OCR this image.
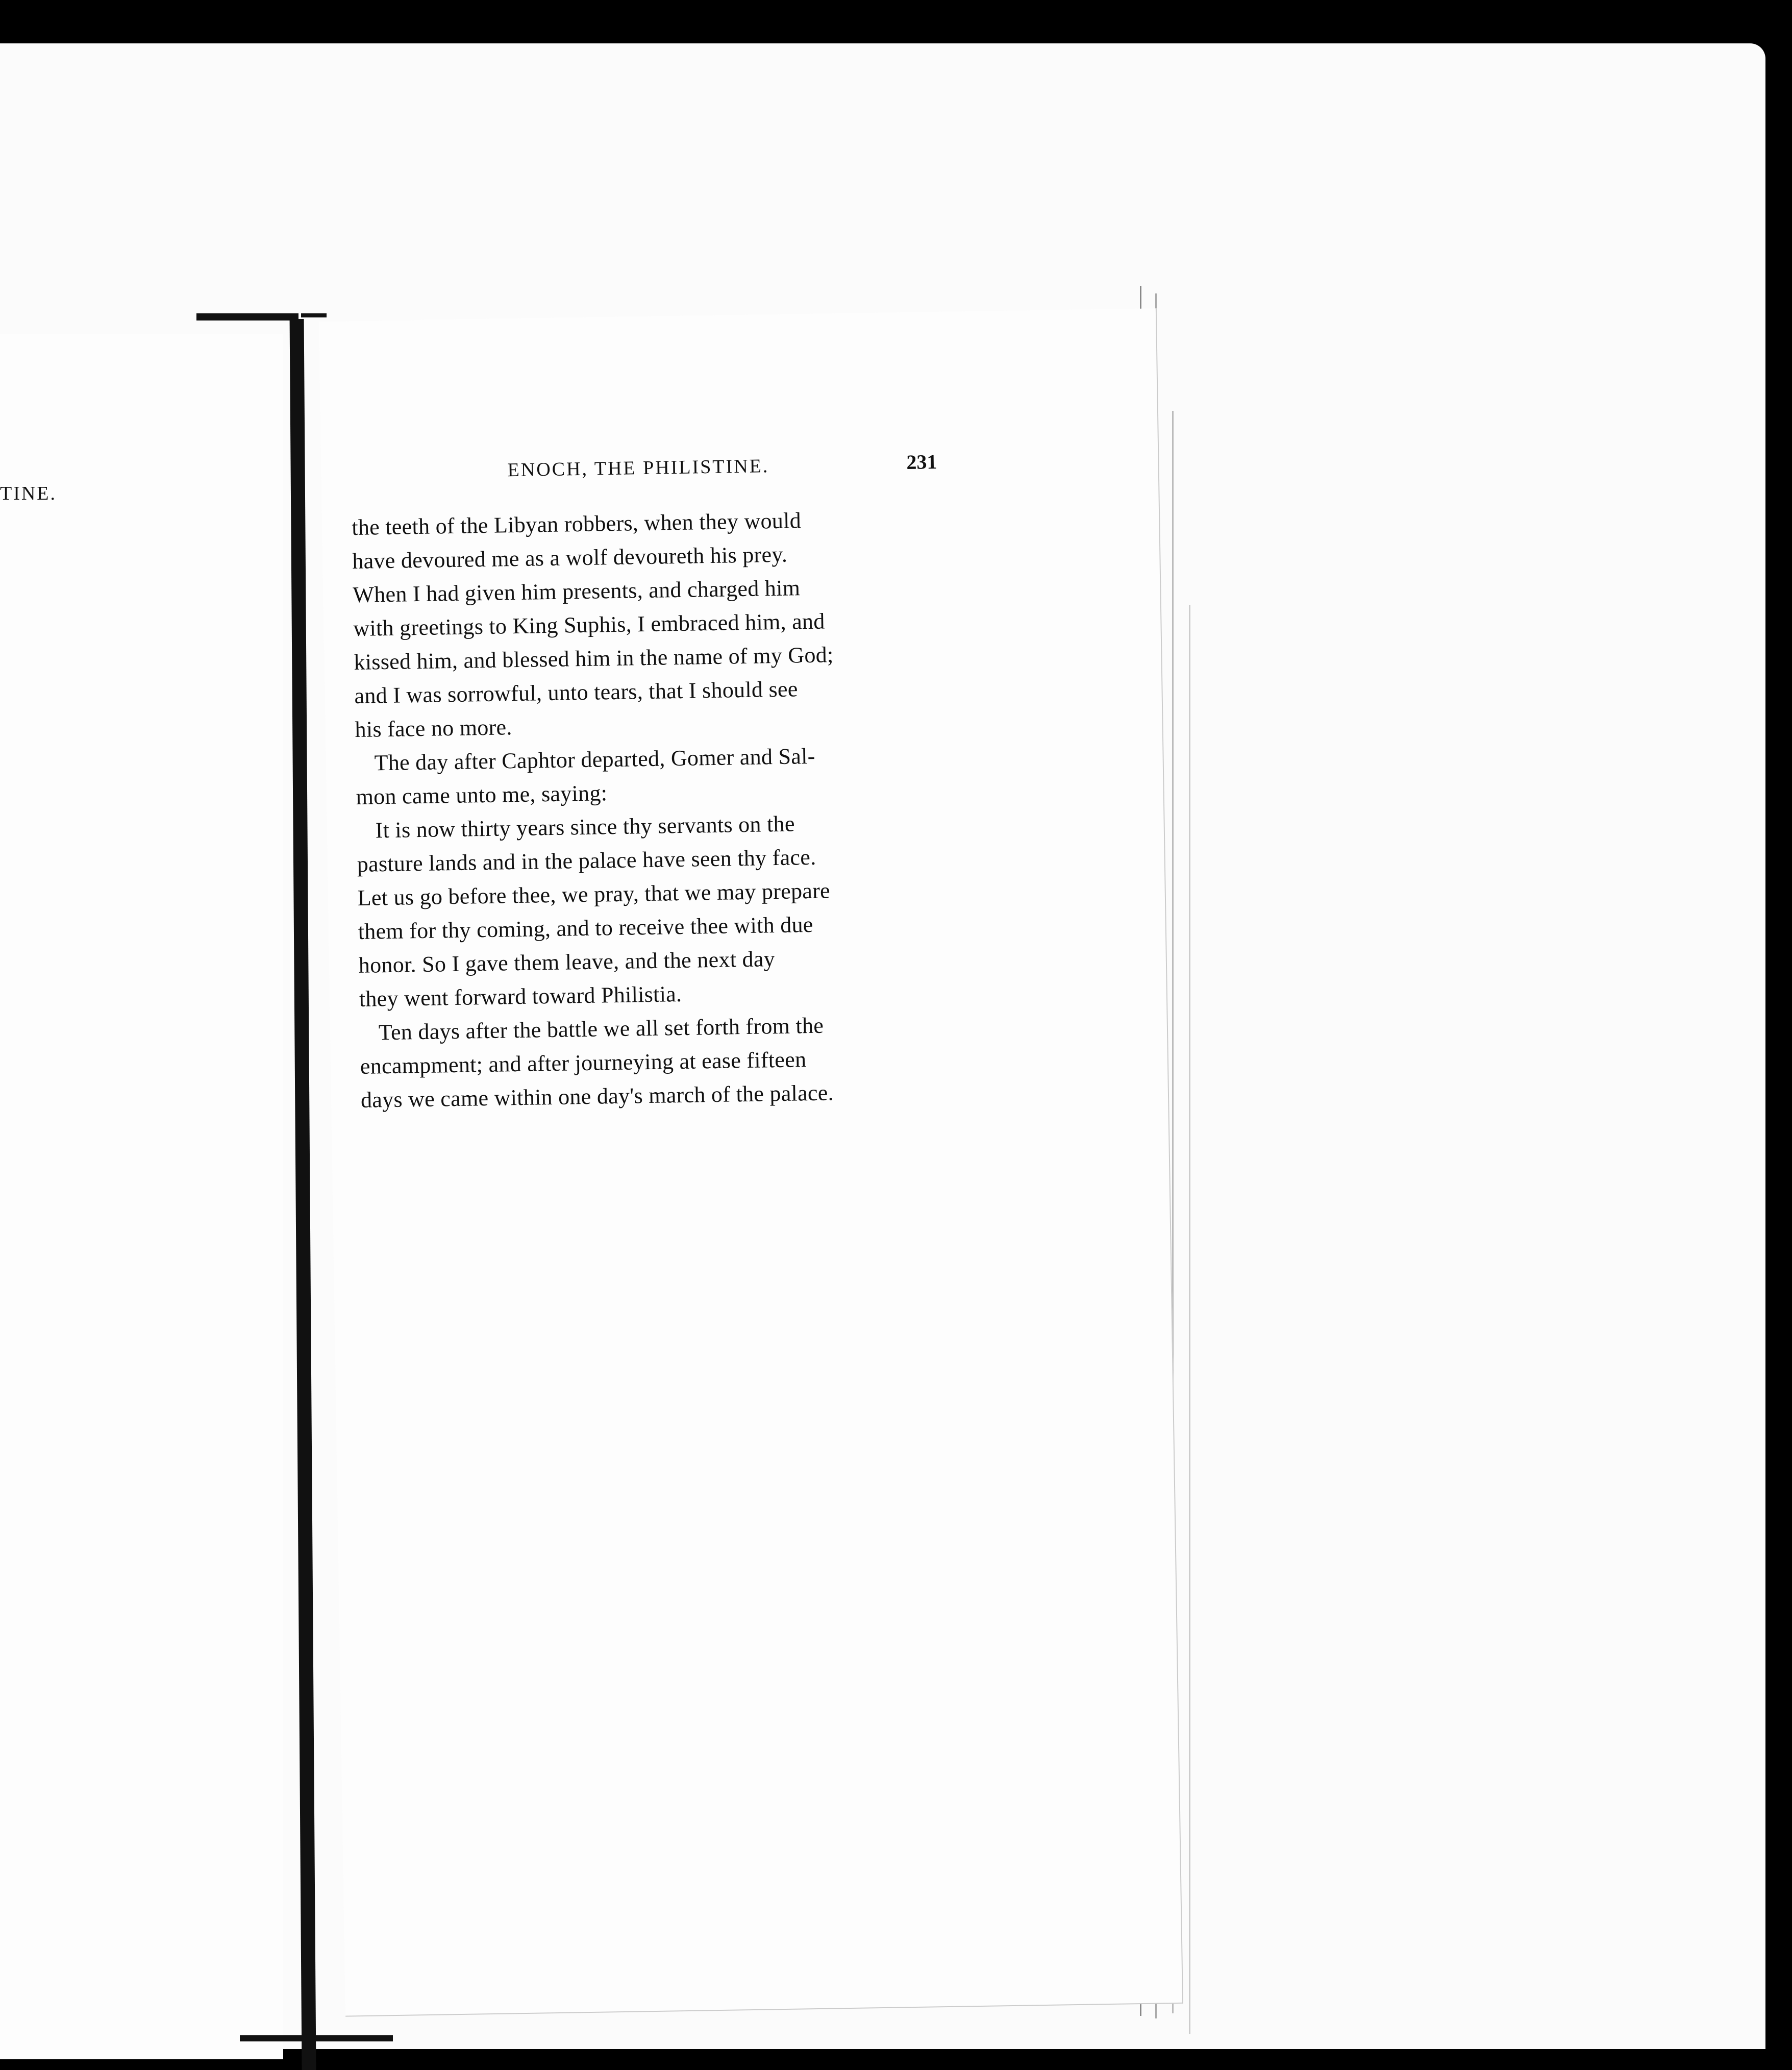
TINE.
ENOCH, THE PHILISTINE.	231
the teeth of the Libyan robbers, when they would
have devoured me as a wolf devoureth his prey.
When I had given him presents, and charged him
with greetings to King Suphis, I embraced him, and
kissed him, and blessed him in the name of my God;
and I was sorrowful, unto tears, that I should see
his face no more.
The day after Caphtor departed, Gomer and Sal-
mon came unto me, saying:
It is now thirty years since thy servants on the
pasture lands and in the palace have seen thy face.
Let us go before thee, we pray, that we may prepare
them for thy coming, and to receive thee with due
honor. So I gave them leave, and the next day
they went forward toward Philistia.
Ten days after the battle we all set forth from the
encampment; and after journeying at ease fifteen
days we came within one day's march of the palace.
